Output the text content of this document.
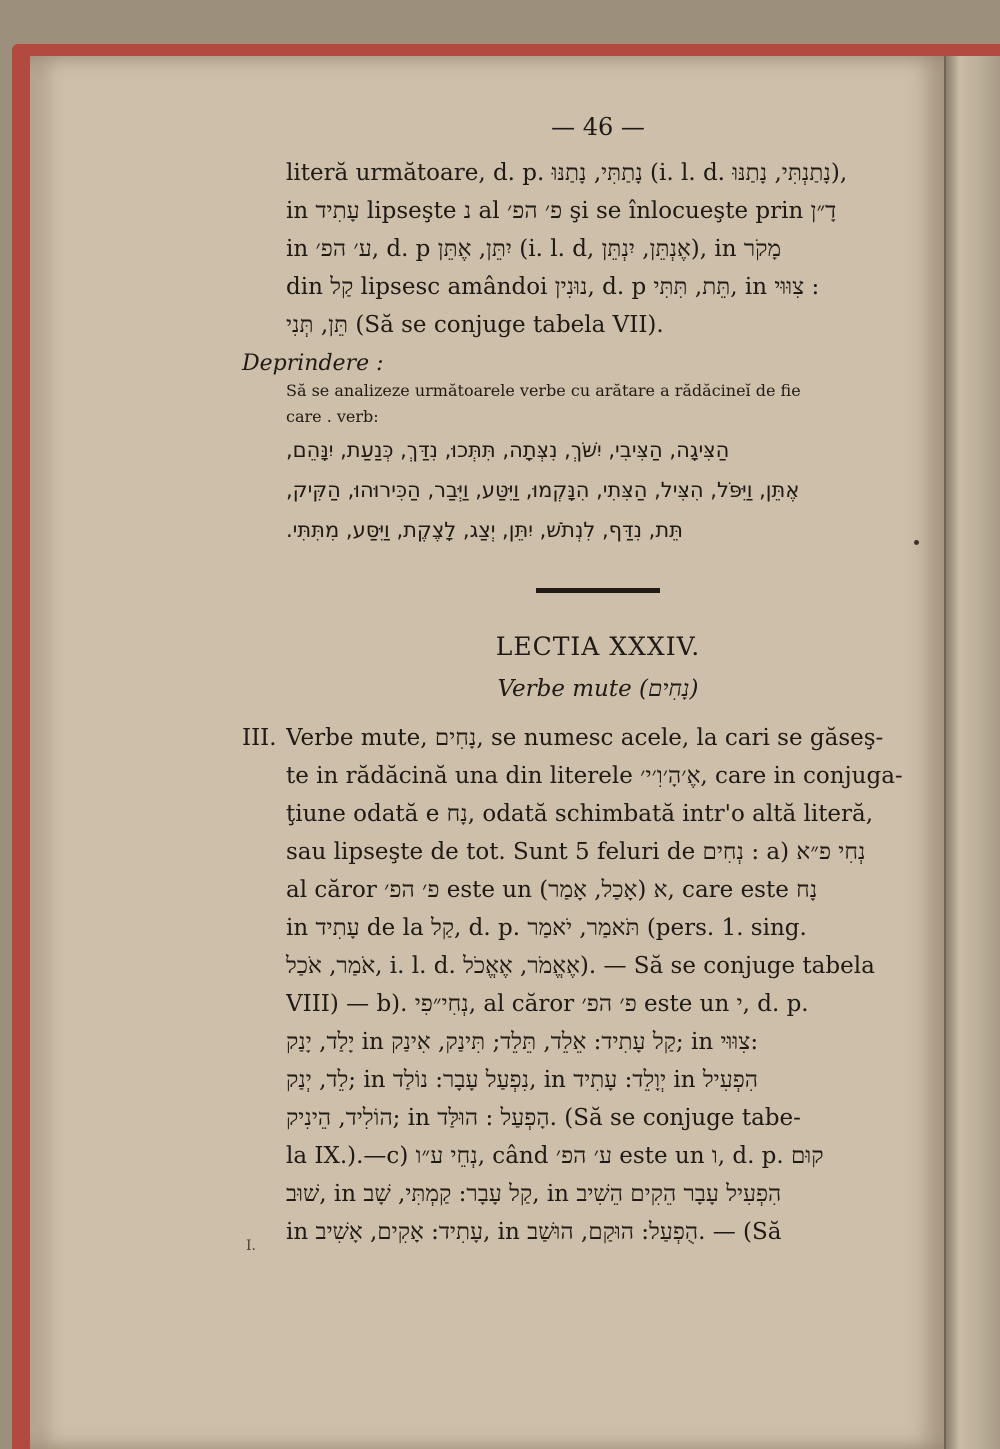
I.
— 46 —
literă următoare, d. p. נָתַתִּי, נָתַנּוּ (i. l. d. נָתַנְתִּי, נָתַנּוּ),
in עָתִיד lipseşte נ al פ׳ הפ׳ şi se înlocueşte prin דָ״ן
in ע׳ הפ׳, d. p יִתֵּן, אֶתֵּן (i. l. d, אֶנְתֵּן, יִנְתֵּן), in מָקֹר
din קַל lipsesc amândoi נוּנִין, d. p תֵּת, תִּתִּי, in צִוּוּי :
תֵּן, תְּנִי (Să se conjuge tabela VII).
Deprindere :
Să se analizeze următoarele verbe cu arătare a rădăcineĭ de fie
care . verb:
הַצִּיגָה, הַצִּיבִי, יִשֹּׁךְ, נִצְּתָה, תִּתְּכוּ, נִדַּךְ, כְּנַעַת, יִנָּהֵם,
אֶתֵּן, וַיִּפֹּל, הִצִּיל, הַצִּתִי, הִנָּקְמוּ, וַיִּטַּע, וַיְּבַר, הַכִּירוּהוּ, הַקִּיק,
תֵּת, נִדַּף, לִנְתֹשׁ, יִתֵּן, יְצַג, לָצֶקֶת, וַיִּסַּע, מִתִּתִּי.
LECTIA XXXIV.
Verbe mute (נָחִים)
III. Verbe mute, נָחִים, se numesc acele, la cari se găseş-
te in rădăcină una din literele אֶ׳הָ׳וִ׳י׳, care in conjuga-
ţiune odată e נָח, odată schimbată intr'o altă literă,
sau lipseşte de tot. Sunt 5 feluri de נְחִים : a) נְחִי פ״א
al căror פ׳ הפ׳ este un א (אָכַל, אָמַר), care este נָח
in עָתִיד de la קַל, d. p. תֹּאמַר, יֹאמַר (pers. 1. sing.
אֹמַר, אֹכַל, i. l. d. אֶאֱמֹר, אֶאֱכֹל). — Să se conjuge tabela
VIII) — b). נְחִי״פִי, al căror פ׳ הפ׳ este un י, d. p.
יָלַד, יָנַק in קַל עָתִיד: אֵלֵד, תֵּלֵד; תִּינַק, אִינַק; in צִוּוּי:
לֵד, יְנַק; in נִפְעַל עָבָר: נוֹלַד, in יְוָלֵד: עָתִיד in הִפְעִיל
הוֹלִיד, הֵינִיק; in הָפְעַל : הוּלַּד. (Să se conjuge tabe-
la IX.).—c) נְחֵי ע״ו, când ע׳ הפ׳ este un ו, d. p. קוּם
שׁוּב, in קַל עָבָר: קַמְתִּי, שָׁב, in הִפְעִיל עָבָר הֵקִים הֵשִׁיב
in עָתִיד: אָקִים, אָשִׁיב, in הֻפְעַל: הוּקַם, הוּשַׁב. — (Să
